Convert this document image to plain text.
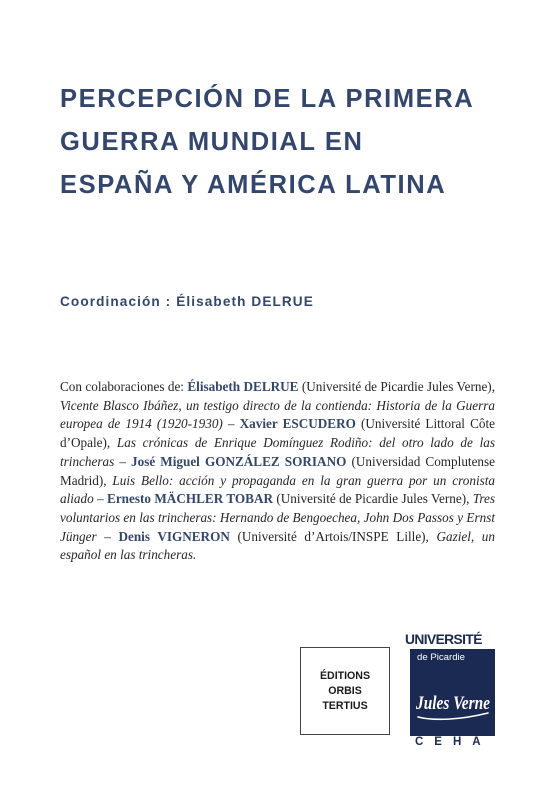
PERCEPCIÓN DE LA PRIMERA
GUERRA MUNDIAL EN
ESPAÑA Y AMÉRICA LATINA
Coordinación : Élisabeth DELRUE

Con colaboraciones de: Élisabeth DELRUE (Université de Picardie Jules Verne), Vicente Blasco Ibáñez, un testigo directo de la contienda: Historia de la Guerra europea de 1914 (1920-1930) – Xavier ESCUDERO (Université Littoral Côte d’Opale), Las crónicas de Enrique Domínguez Rodiño: del otro lado de las trincheras – José Miguel GONZÁLEZ SORIANO (Universidad Complutense Madrid), Luis Bello: acción y propaganda en la gran guerra por un cronista aliado – Ernesto MÄCHLER TOBAR (Université de Picardie Jules Verne), Tres voluntarios en las trincheras: Hernando de Bengoechea, John Dos Passos y Ernst Jünger – Denis VIGNERON (Université d’Artois/INSPE Lille), Gaziel, un español en las trincheras.

ÉDITIONS
ORBIS
TERTIUS
UNIVERSITÉ
de Picardie
Jules Verne
CEHA
